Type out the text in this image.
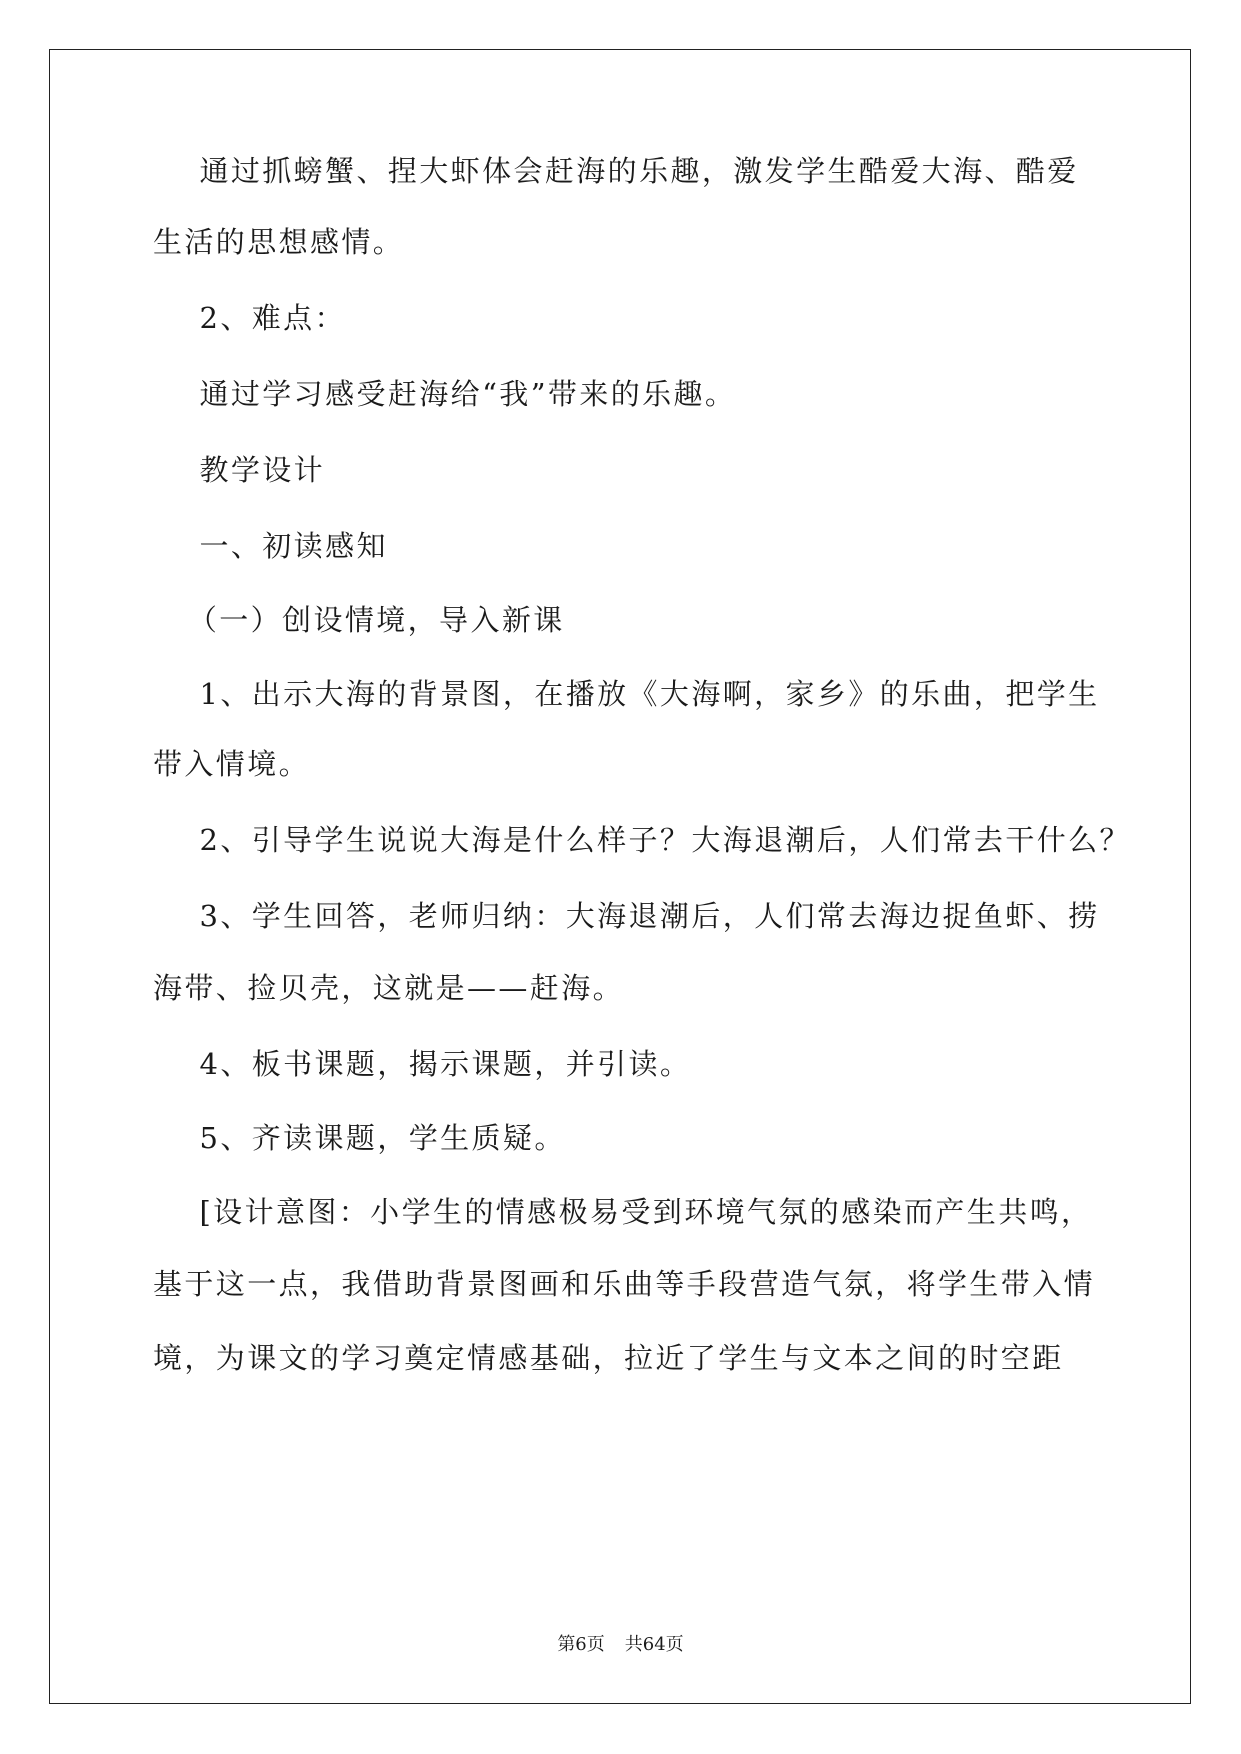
通过抓螃蟹、捏大虾体会赶海的乐趣，激发学生酷爱大海、酷爱
生活的思想感情。
2、难点：
通过学习感受赶海给“我”带来的乐趣。
教学设计
一、初读感知
（一）创设情境，导入新课
1、出示大海的背景图，在播放《大海啊，家乡》的乐曲，把学生
带入情境。
2、引导学生说说大海是什么样子？大海退潮后，人们常去干什么？
3、学生回答，老师归纳：大海退潮后，人们常去海边捉鱼虾、捞
海带、捡贝壳，这就是——赶海。
4、板书课题，揭示课题，并引读。
5、齐读课题，学生质疑。
[设计意图：小学生的情感极易受到环境气氛的感染而产生共鸣，
基于这一点，我借助背景图画和乐曲等手段营造气氛，将学生带入情
境，为课文的学习奠定情感基础，拉近了学生与文本之间的时空距
第6页 共64页
